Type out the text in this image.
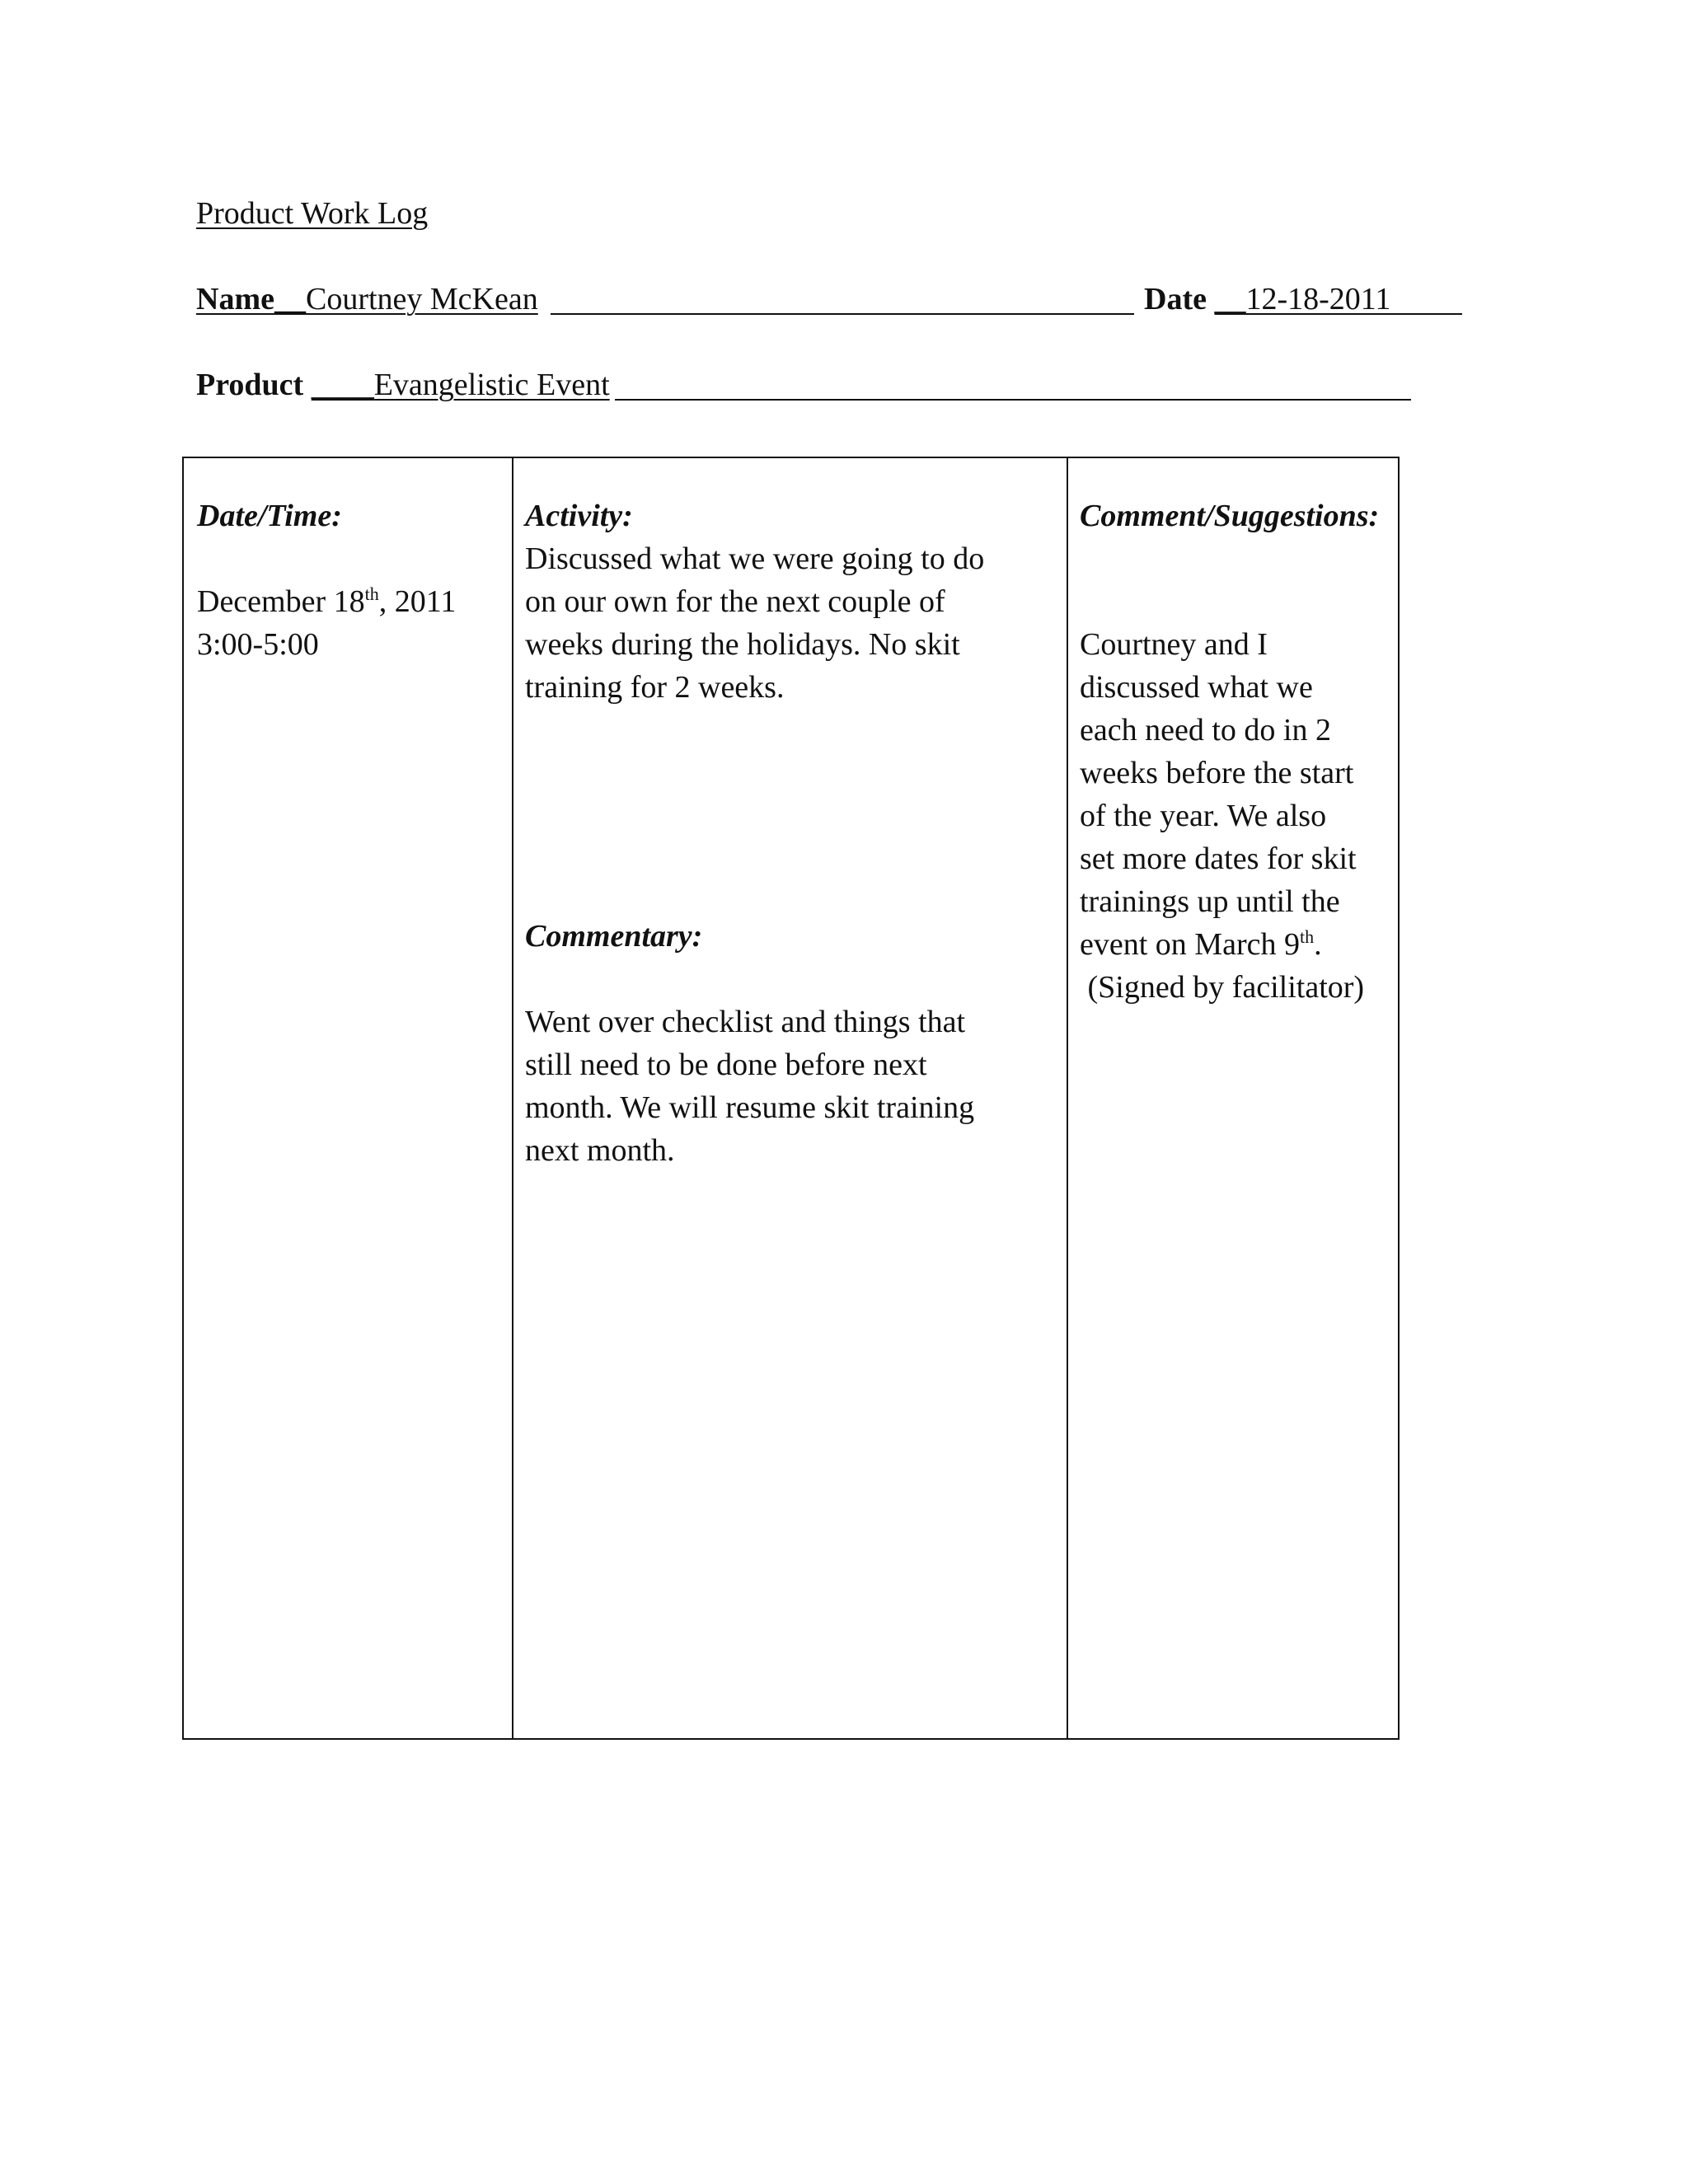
Product Work Log
Name__Courtney McKean	Date __12-18-2011
Product ____Evangelistic Event
Date/Time:
December 18th, 2011
3:00-5:00
Activity:
Discussed what we were going to do
on our own for the next couple of
weeks during the holidays. No skit
training for 2 weeks.
Commentary:
Went over checklist and things that
still need to be done before next
month. We will resume skit training
next month.
Comment/Suggestions:
Courtney and I
discussed what we
each need to do in 2
weeks before the start
of the year. We also
set more dates for skit
trainings up until the
event on March 9th.
(Signed by facilitator)
